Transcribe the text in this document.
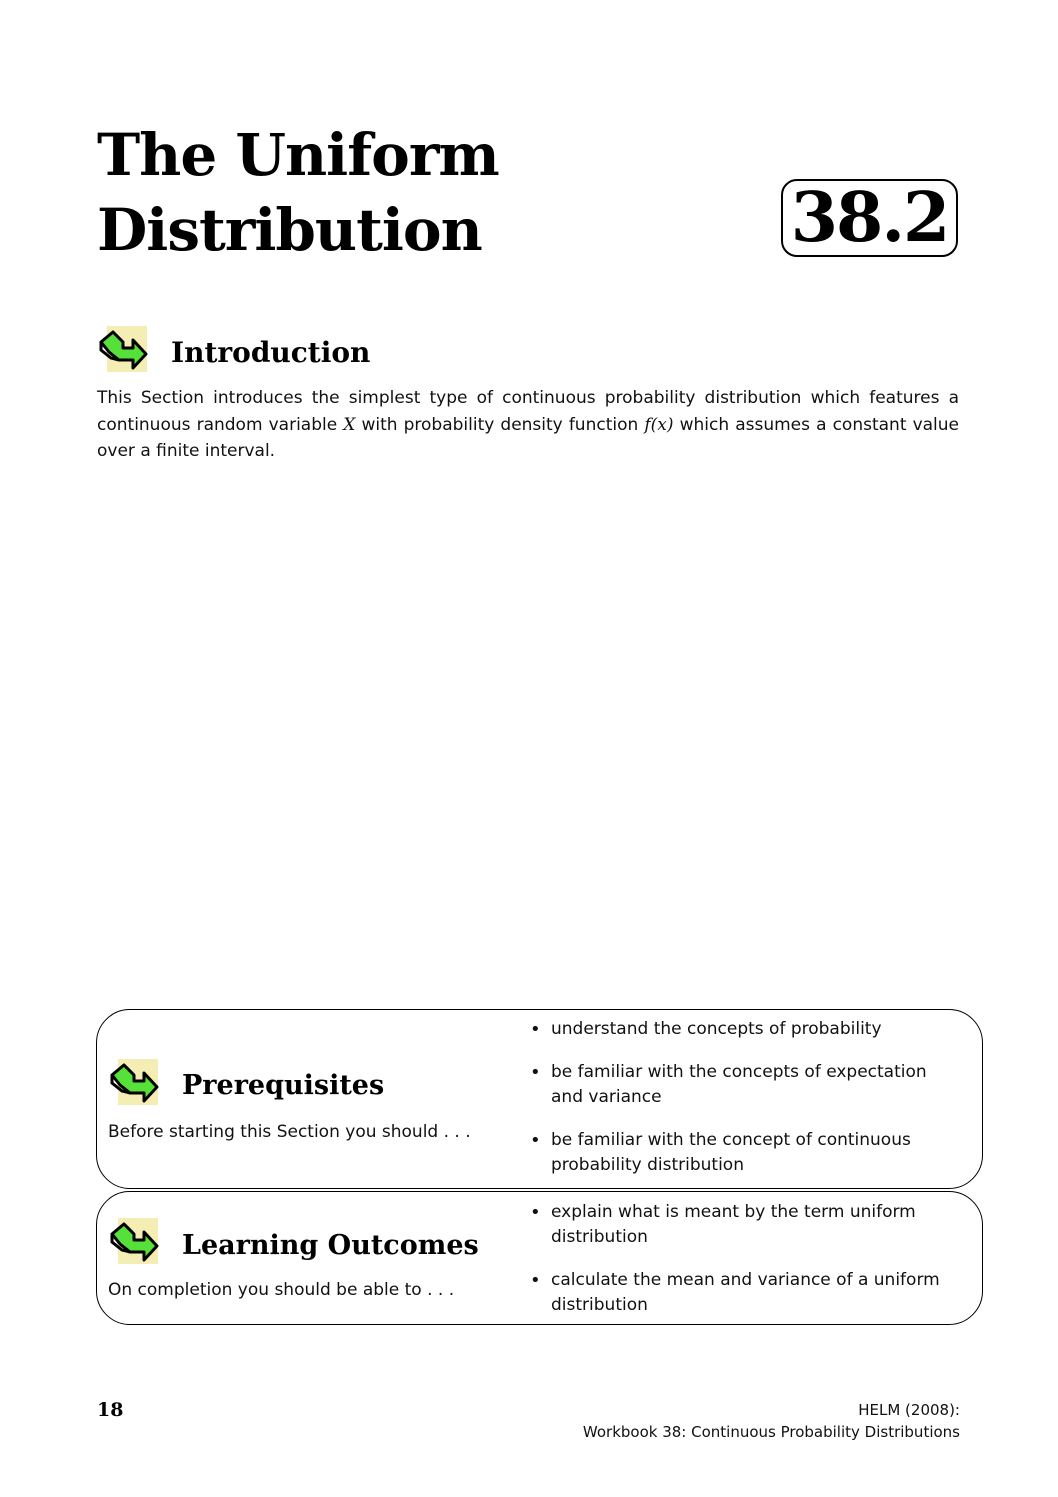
The Uniform
Distribution	38.2
Introduction

This Section introduces the simplest type of continuous probability distribution which features a continuous random variable X with probability density function f(x) which assumes a constant value over a finite interval.

Prerequisites
Before starting this Section you should . . .
• understand the concepts of probability
• be familiar with the concepts of expectation and variance
• be familiar with the concept of continuous probability distribution
Learning Outcomes
On completion you should be able to . . .
• explain what is meant by the term uniform distribution
• calculate the mean and variance of a uniform distribution
18	HELM (2008):
Workbook 38: Continuous Probability Distributions
